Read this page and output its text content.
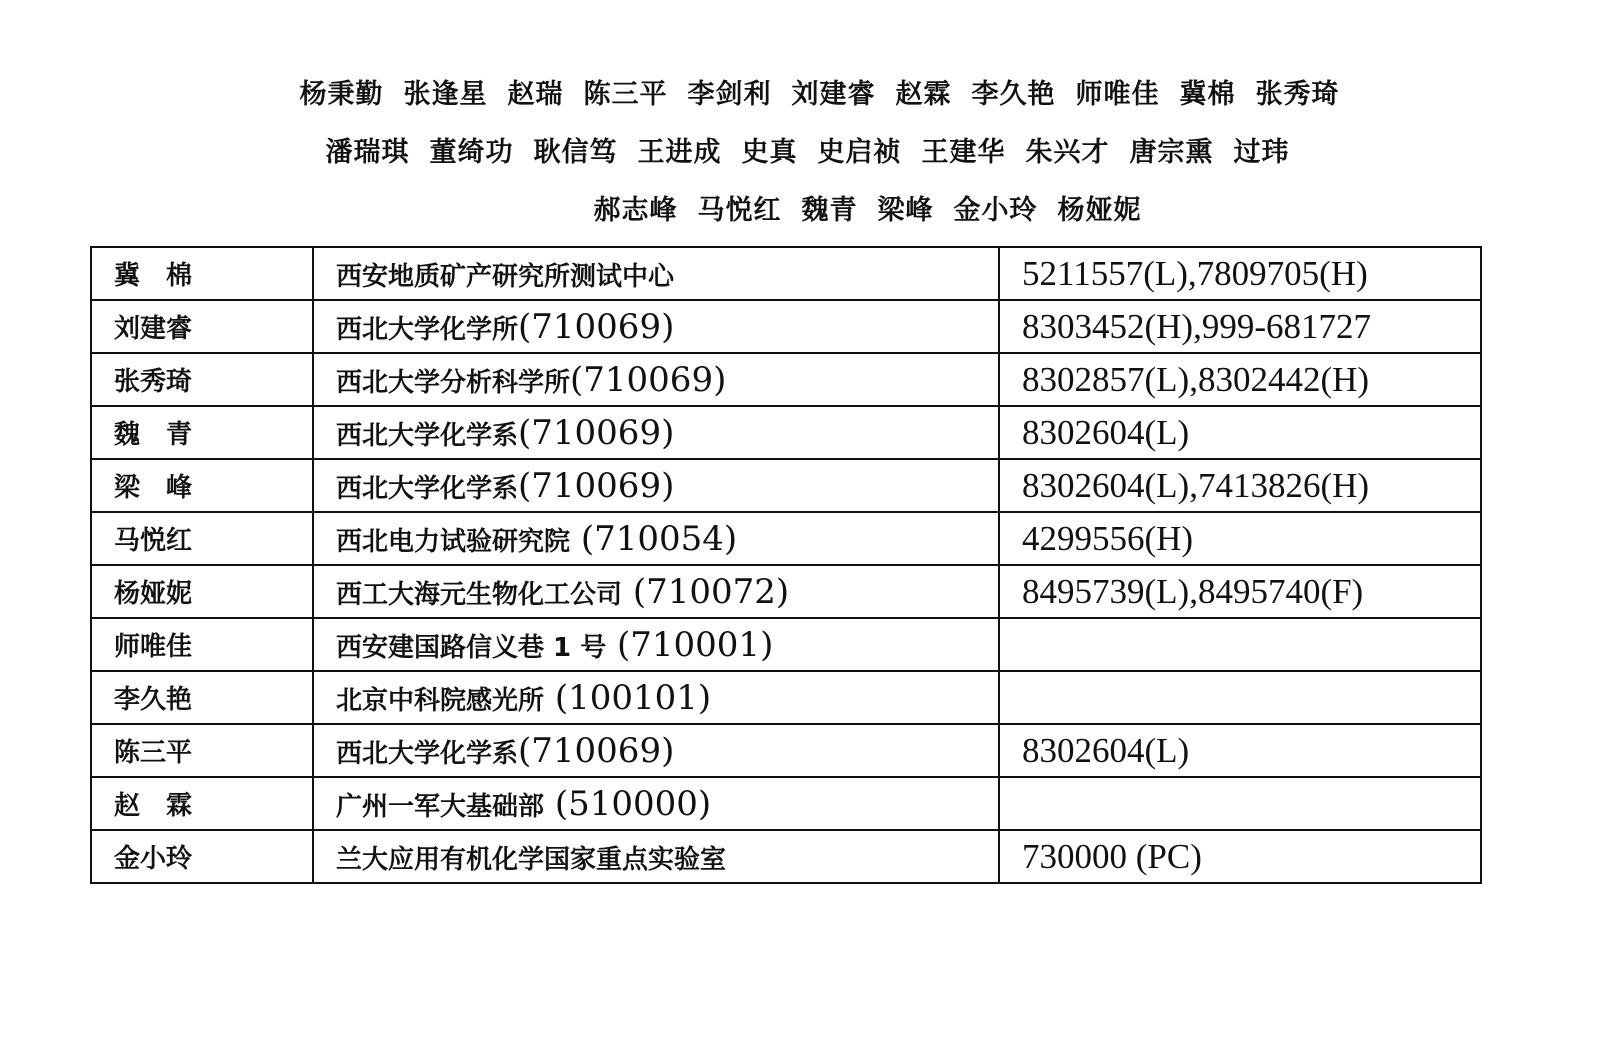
杨秉勤 张逢星 赵瑞 陈三平 李剑利 刘建睿 赵霖 李久艳 师唯佳 冀棉 张秀琦
潘瑞琪 董绮功 耿信笃 王进成 史真 史启祯 王建华 朱兴才 唐宗熏 过玮
郝志峰 马悦红 魏青 梁峰 金小玲 杨娅妮
冀　棉	西安地质矿产研究所测试中心	5211557(L),7809705(H)
刘建睿	西北大学化学所(710069)	8303452(H),999-681727
张秀琦	西北大学分析科学所(710069)	8302857(L),8302442(H)
魏　青	西北大学化学系(710069)	8302604(L)
梁　峰	西北大学化学系(710069)	8302604(L),7413826(H)
马悦红	西北电力试验研究院 (710054)	4299556(H)
杨娅妮	西工大海元生物化工公司 (710072)	8495739(L),8495740(F)
师唯佳	西安建国路信义巷 1 号 (710001)	
李久艳	北京中科院感光所 (100101)	
陈三平	西北大学化学系(710069)	8302604(L)
赵　霖	广州一军大基础部 (510000)	
金小玲	兰大应用有机化学国家重点实验室	730000 (PC)
